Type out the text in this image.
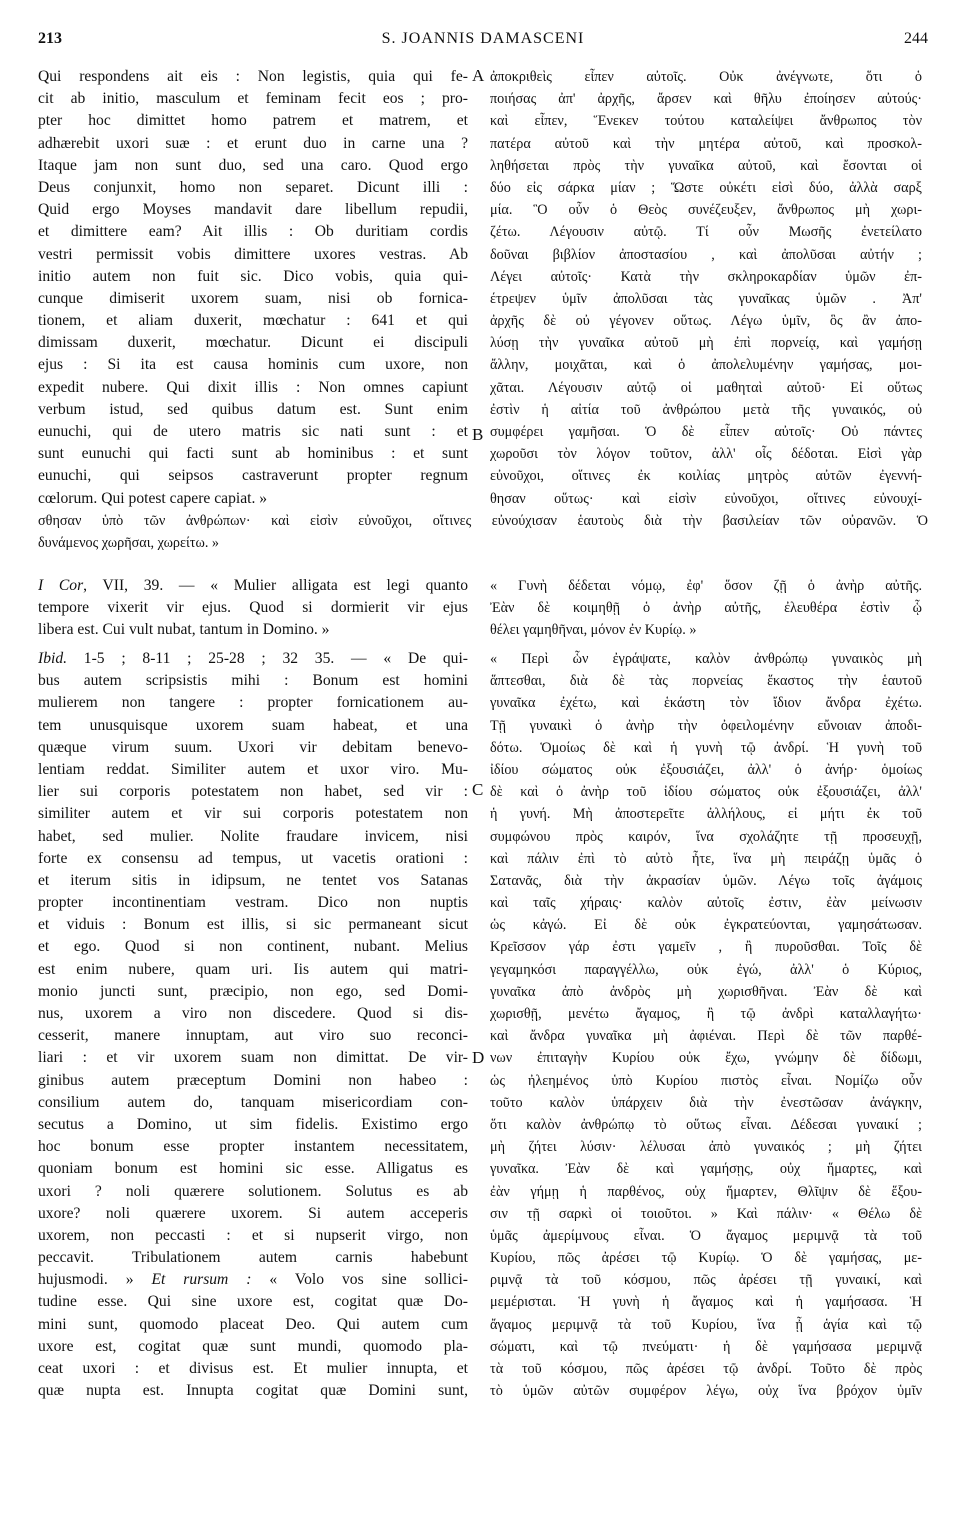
213	S. JOANNIS DAMASCENI	244
Qui respondens ait eis : Non legistis, quia qui fe-
cit ab initio, masculum et feminam fecit eos ; pro-
pter hoc dimittet homo patrem et matrem, et
adhærebit uxori suæ : et erunt duo in carne una ?
Itaque jam non sunt duo, sed una caro. Quod ergo
Deus conjunxit, homo non separet. Dicunt illi :
Quid ergo Moyses mandavit dare libellum repudii,
et dimittere eam? Ait illis : Ob duritiam cordis
vestri permissit vobis dimittere uxores vestras. Ab
initio autem non fuit sic. Dico vobis, quia qui-
cunque dimiserit uxorem suam, nisi ob fornica-
tionem, et aliam duxerit, mœchatur : 641 et qui
dimissam duxerit, mœchatur. Dicunt ei discipuli
ejus : Si ita est causa hominis cum uxore, non
expedit nubere. Qui dixit illis : Non omnes capiunt
verbum istud, sed quibus datum est. Sunt enim
eunuchi, qui de utero matris sic nati sunt : et
sunt eunuchi qui facti sunt ab hominibus : et sunt
eunuchi, qui seipsos castraverunt propter regnum
cœlorum. Qui potest capere capiat. »
ἀποκριθεὶς εἶπεν αὐτοῖς. Οὐκ ἀνέγνωτε, ὅτι ὁ
ποιήσας ἀπ' ἀρχῆς, ἄρσεν καὶ θῆλυ ἐποίησεν αὐτούς·
καὶ εἶπεν, Ἕνεκεν τούτου καταλείψει ἄνθρωπος τὸν
πατέρα αὐτοῦ καὶ τὴν μητέρα αὐτοῦ, καὶ προσκολ-
ληθήσεται πρὸς τὴν γυναῖκα αὐτοῦ, καὶ ἔσονται οἱ
δύο εἰς σάρκα μίαν ; Ὥστε οὐκέτι εἰσὶ δύο, ἀλλὰ σαρξ
μία. Ὃ οὖν ὁ Θεὸς συνέζευξεν, ἄνθρωπος μὴ χωρι-
ζέτω. Λέγουσιν αὐτῷ. Τί οὖν Μωσῆς ἐνετείλατο
δοῦναι βιβλίον ἀποστασίου , καὶ ἀπολῦσαι αὐτήν ;
Λέγει αὐτοῖς· Κατὰ τὴν σκληροκαρδίαν ὑμῶν ἐπ-
έτρεψεν ὑμῖν ἀπολῦσαι τὰς γυναῖκας ὑμῶν . Ἀπ'
ἀρχῆς δὲ οὐ γέγονεν οὕτως. Λέγω ὑμῖν, ὃς ἂν ἀπο-
λύσῃ τὴν γυναῖκα αὐτοῦ μὴ ἐπὶ πορνείᾳ, καὶ γαμήσῃ
ἄλλην, μοιχᾶται, καὶ ὁ ἀπολελυμένην γαμήσας, μοι-
χᾶται. Λέγουσιν αὐτῷ οἱ μαθηταὶ αὐτοῦ· Εἰ οὕτως
ἐστὶν ἡ αἰτία τοῦ ἀνθρώπου μετὰ τῆς γυναικός, οὐ
συμφέρει γαμῆσαι. Ὁ δὲ εἶπεν αὐτοῖς· Οὐ πάντες
χωροῦσι τὸν λόγον τοῦτον, ἀλλ' οἷς δέδοται. Εἰσὶ γὰρ
εὐνοῦχοι, οἵτινες ἐκ κοιλίας μητρὸς αὐτῶν ἐγεννή-
θησαν οὕτως· καὶ εἰσὶν εὐνοῦχοι, οἵτινες εὐνουχί-
A
B
σθησαν ὑπὸ τῶν ἀνθρώπων· καὶ εἰσὶν εὐνοῦχοι, οἵτινες εὐνούχισαν ἑαυτοὺς διὰ τὴν βασιλείαν τῶν οὐρανῶν. Ὁ
δυνάμενος χωρῆσαι, χωρείτω. »
I Cor, VII, 39. — « Mulier alligata est legi quanto
tempore vixerit vir ejus. Quod si dormierit vir ejus
libera est. Cui vult nubat, tantum in Domino. »
« Γυνὴ δέδεται νόμῳ, ἐφ' ὅσον ζῇ ὁ ἀνὴρ αὐτῆς.
Ἐὰν δὲ κοιμηθῇ ὁ ἀνὴρ αὐτῆς, ἐλευθέρα ἐστὶν ᾧ
θέλει γαμηθῆναι, μόνον ἐν Κυρίῳ. »
Ibid. 1-5 ; 8-11 ; 25-28 ; 32 35. — « De qui-
bus autem scripsistis mihi : Bonum est homini
mulierem non tangere : propter fornicationem au-
tem unusquisque uxorem suam habeat, et una
quæque virum suum. Uxori vir debitam benevo-
lentiam reddat. Similiter autem et uxor viro. Mu-
lier sui corporis potestatem non habet, sed vir :
similiter autem et vir sui corporis potestatem non
habet, sed mulier. Nolite fraudare invicem, nisi
forte ex consensu ad tempus, ut vacetis orationi :
et iterum sitis in idipsum, ne tentet vos Satanas
propter incontinentiam vestram. Dico non nuptis
et viduis : Bonum est illis, si sic permaneant sicut
et ego. Quod si non continent, nubant. Melius
est enim nubere, quam uri. Iis autem qui matri-
monio juncti sunt, præcipio, non ego, sed Domi-
nus, uxorem a viro non discedere. Quod si dis-
cesserit, manere innuptam, aut viro suo reconci-
liari : et vir uxorem suam non dimittat. De vir-
ginibus autem præceptum Domini non habeo :
consilium autem do, tanquam misericordiam con-
secutus a Domino, ut sim fidelis. Existimo ergo
hoc bonum esse propter instantem necessitatem,
quoniam bonum est homini sic esse. Alligatus es
uxori ? noli quærere solutionem. Solutus es ab
uxore? noli quærere uxorem. Si autem acceperis
uxorem, non peccasti : et si nupserit virgo, non
peccavit. Tribulationem autem carnis habebunt
hujusmodi. » Et rursum : « Volo vos sine sollici-
tudine esse. Qui sine uxore est, cogitat quæ Do-
mini sunt, quomodo placeat Deo. Qui autem cum
uxore est, cogitat quæ sunt mundi, quomodo pla-
ceat uxori : et divisus est. Et mulier innupta, et
quæ nupta est. Innupta cogitat quæ Domini sunt,
« Περὶ ὧν ἐγράψατε, καλὸν ἀνθρώπῳ γυναικὸς μὴ
ἅπτεσθαι, διὰ δὲ τὰς πορνείας ἕκαστος τὴν ἑαυτοῦ
γυναῖκα ἐχέτω, καὶ ἑκάστη τὸν ἴδιον ἄνδρα ἐχέτω.
Τῇ γυναικὶ ὁ ἀνὴρ τὴν ὀφειλομένην εὔνοιαν ἀποδι-
δότω. Ὁμοίως δὲ καὶ ἡ γυνὴ τῷ ἀνδρί. Ἡ γυνὴ τοῦ
ἰδίου σώματος οὐκ ἐξουσιάζει, ἀλλ' ὁ ἀνήρ· ὁμοίως
δὲ καὶ ὁ ἀνὴρ τοῦ ἰδίου σώματος οὐκ ἐξουσιάζει, ἀλλ'
ἡ γυνή. Μὴ ἀποστερεῖτε ἀλλήλους, εἰ μήτι ἐκ τοῦ
συμφώνου πρὸς καιρόν, ἵνα σχολάζητε τῇ προσευχῇ,
καὶ πάλιν ἐπὶ τὸ αὐτὸ ἦτε, ἵνα μὴ πειράζῃ ὑμᾶς ὁ
Σατανᾶς, διὰ τὴν ἀκρασίαν ὑμῶν. Λέγω τοῖς ἀγάμοις
καὶ ταῖς χήραις· καλὸν αὐτοῖς ἐστιν, ἐὰν μείνωσιν
ὡς κἀγώ. Εἰ δὲ οὐκ ἐγκρατεύονται, γαμησάτωσαν.
Κρεῖσσον γάρ ἐστι γαμεῖν , ἢ πυροῦσθαι. Τοῖς δὲ
γεγαμηκόσι παραγγέλλω, οὐκ ἐγώ, ἀλλ' ὁ Κύριος,
γυναῖκα ἀπὸ ἀνδρὸς μὴ χωρισθῆναι. Ἐὰν δὲ καὶ
χωρισθῇ, μενέτω ἄγαμος, ἢ τῷ ἀνδρὶ καταλλαγήτω·
καὶ ἄνδρα γυναῖκα μὴ ἀφιέναι. Περὶ δὲ τῶν παρθέ-
νων ἐπιταγὴν Κυρίου οὐκ ἔχω, γνώμην δὲ δίδωμι,
ὡς ἠλεημένος ὑπὸ Κυρίου πιστὸς εἶναι. Νομίζω οὖν
τοῦτο καλὸν ὑπάρχειν διὰ τὴν ἐνεστῶσαν ἀνάγκην,
ὅτι καλὸν ἀνθρώπῳ τὸ οὕτως εἶναι. Δέδεσαι γυναικί ;
μὴ ζήτει λύσιν· λέλυσαι ἀπὸ γυναικός ; μὴ ζήτει
γυναῖκα. Ἐὰν δὲ καὶ γαμήσῃς, οὐχ ἥμαρτες, καὶ
ἐὰν γήμῃ ἡ παρθένος, οὐχ ἥμαρτεν, Θλῖψιν δὲ ἕξου-
σιν τῇ σαρκὶ οἱ τοιοῦτοι. » Καὶ πάλιν· « Θέλω δὲ
ὑμᾶς ἀμερίμνους εἶναι. Ὁ ἄγαμος μεριμνᾷ τὰ τοῦ
Κυρίου, πῶς ἀρέσει τῷ Κυρίῳ. Ὁ δὲ γαμήσας, με-
ριμνᾷ τὰ τοῦ κόσμου, πῶς ἀρέσει τῇ γυναικί, καὶ
μεμέρισται. Ἡ γυνὴ ἡ ἄγαμος καὶ ἡ γαμήσασα. Ἡ
ἄγαμος μεριμνᾷ τὰ τοῦ Κυρίου, ἵνα ᾖ ἁγία καὶ τῷ
σώματι, καὶ τῷ πνεύματι· ἡ δὲ γαμήσασα μεριμνᾷ
τὰ τοῦ κόσμου, πῶς ἀρέσει τῷ ἀνδρί. Τοῦτο δὲ πρὸς
τὸ ὑμῶν αὐτῶν συμφέρον λέγω, οὐχ ἵνα βρόχον ὑμῖν
C
D
